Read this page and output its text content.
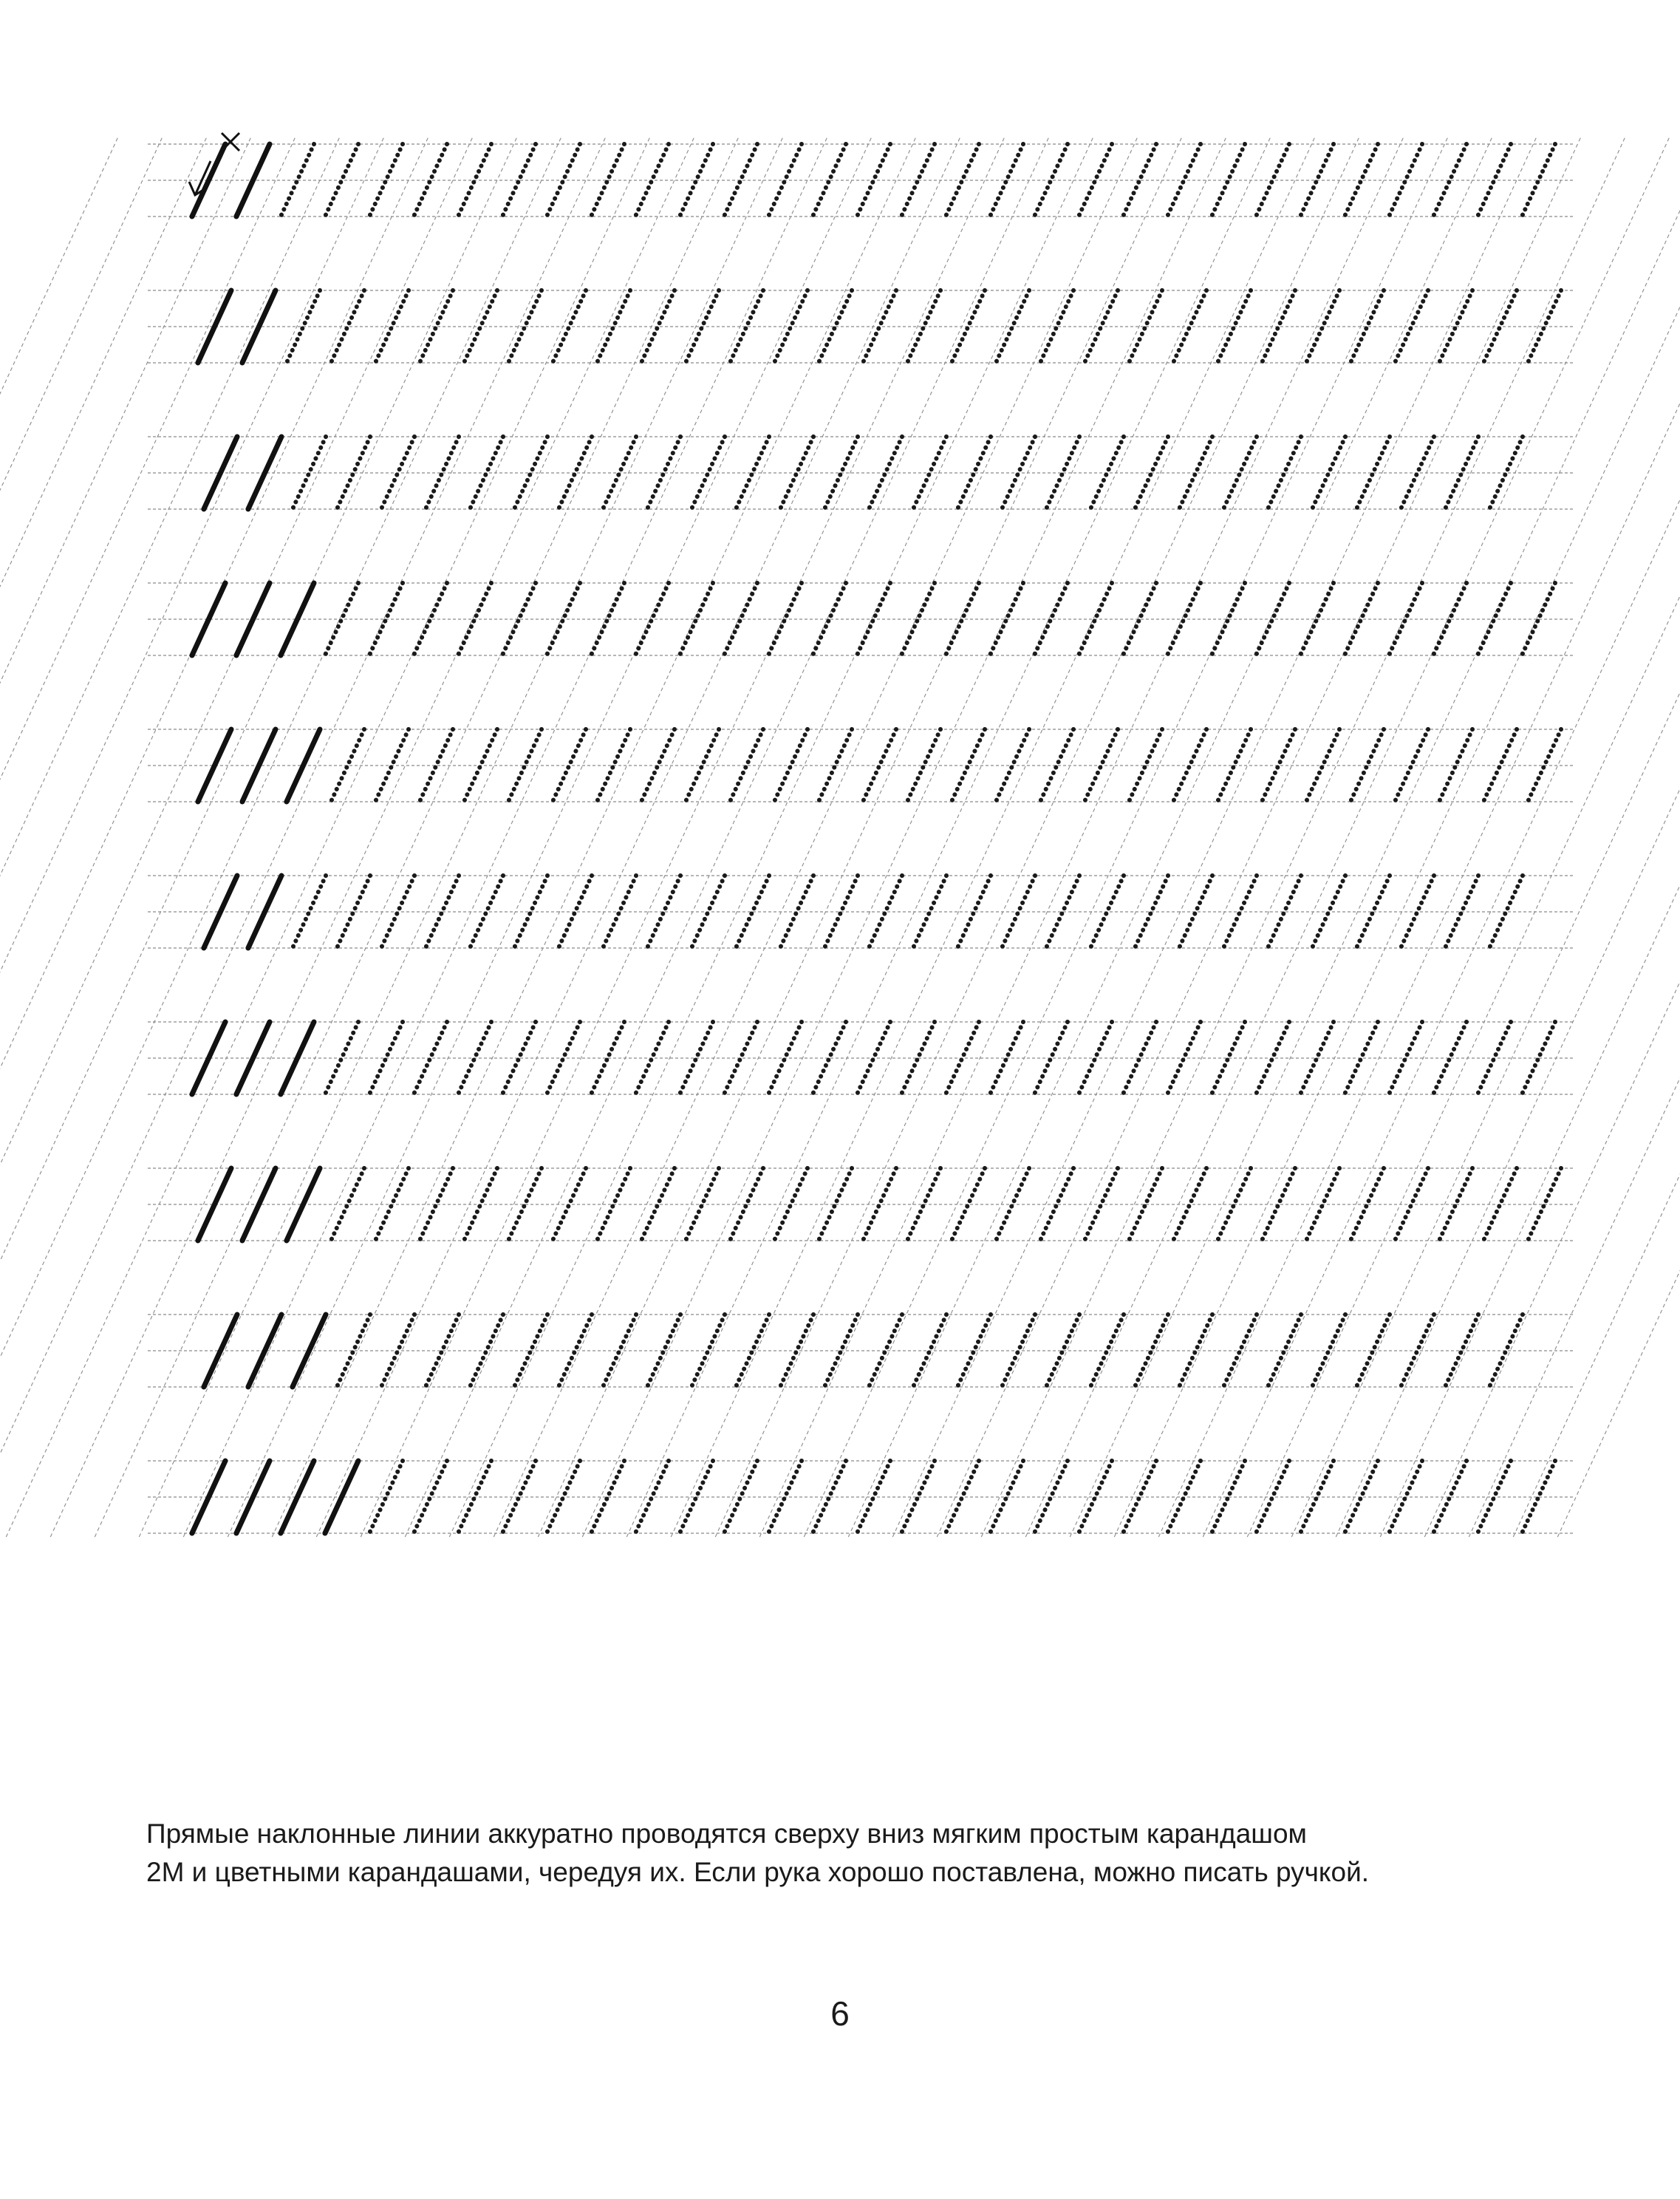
Прямые наклонные линии аккуратно проводятся сверху вниз мягким простым карандашом
2М и цветными карандашами, чередуя их. Если рука хорошо поставлена, можно писать ручкой.
6
